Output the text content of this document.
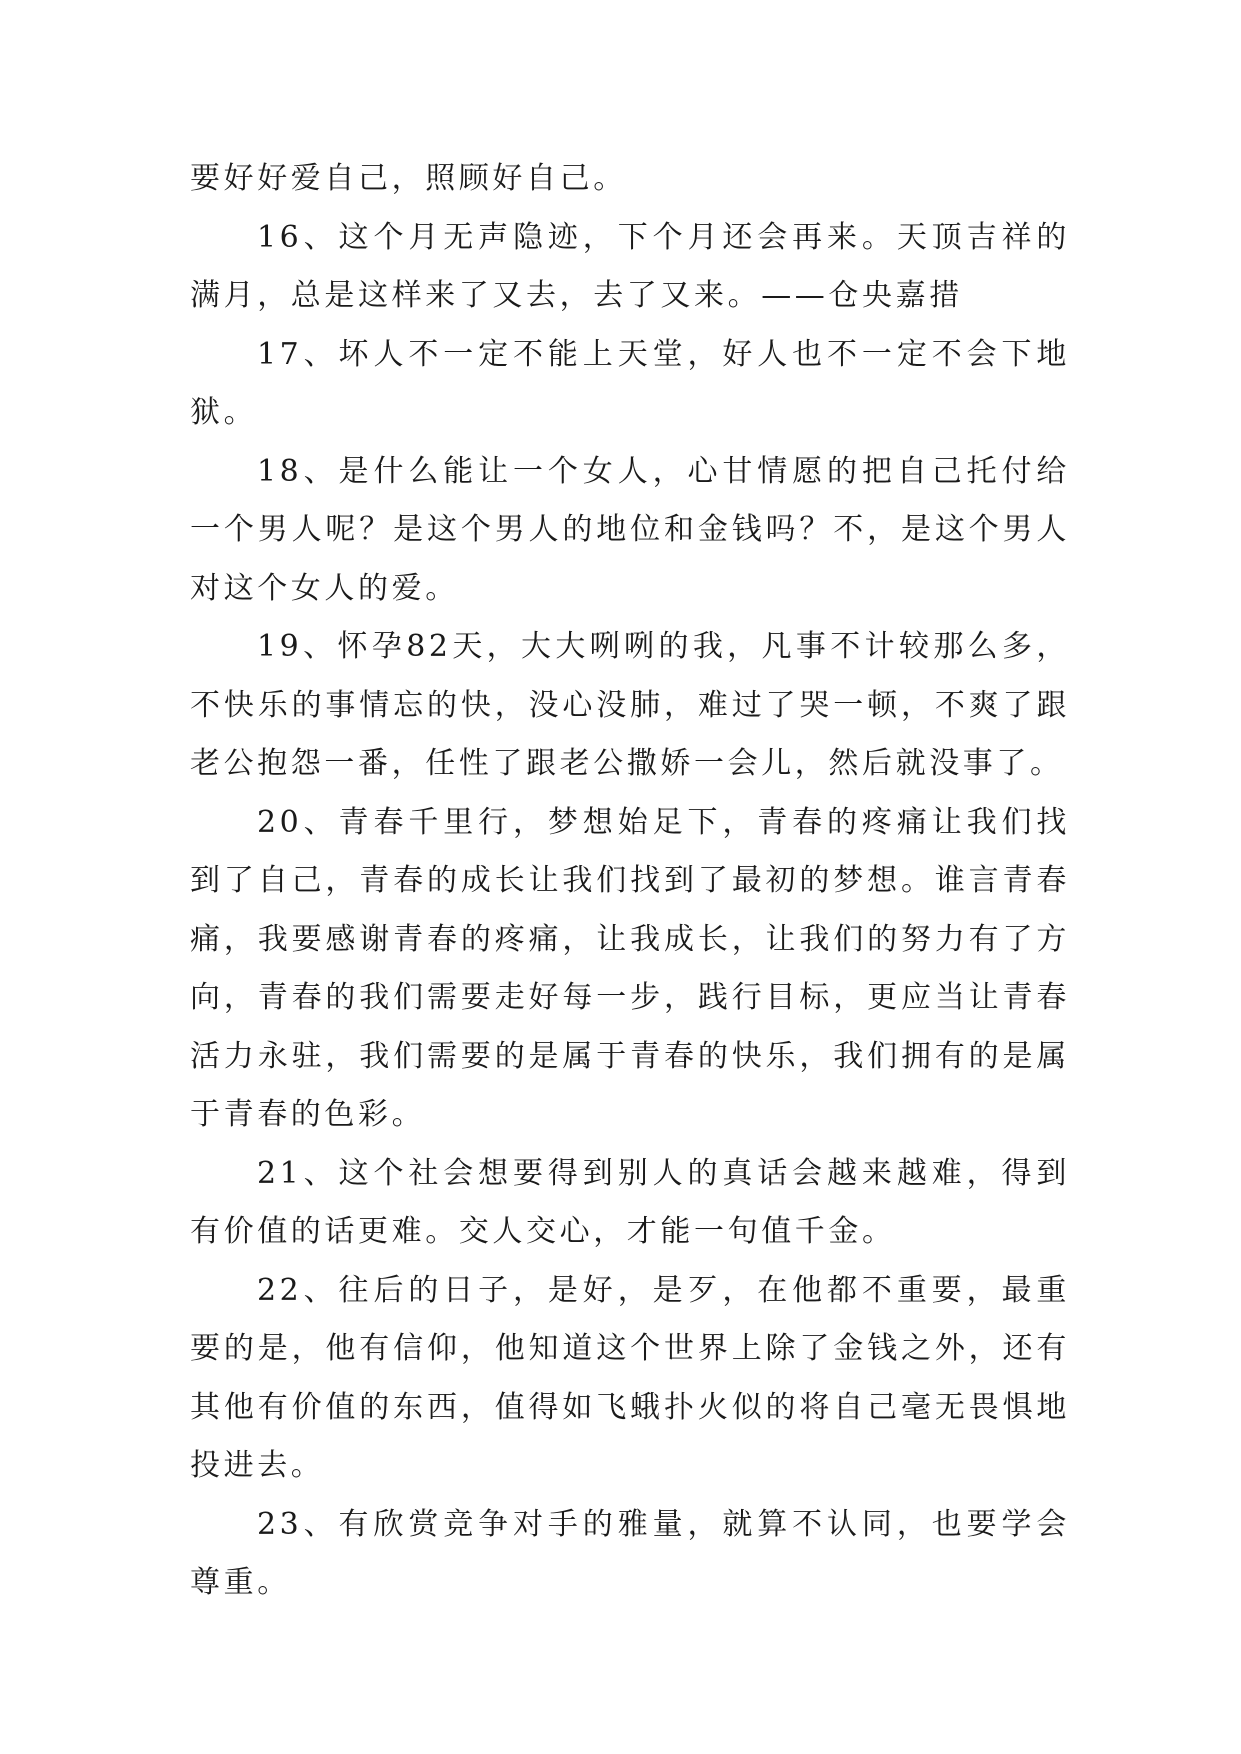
要好好爱自己，照顾好自己。

16、这个月无声隐迹，下个月还会再来。天顶吉祥的满月，总是这样来了又去，去了又来。——仓央嘉措

17、坏人不一定不能上天堂，好人也不一定不会下地狱。

18、是什么能让一个女人，心甘情愿的把自己托付给一个男人呢？是这个男人的地位和金钱吗？不，是这个男人对这个女人的爱。

19、怀孕82天，大大咧咧的我，凡事不计较那么多，不快乐的事情忘的快，没心没肺，难过了哭一顿，不爽了跟老公抱怨一番，任性了跟老公撒娇一会儿，然后就没事了。

20、青春千里行，梦想始足下，青春的疼痛让我们找到了自己，青春的成长让我们找到了最初的梦想。谁言青春痛，我要感谢青春的疼痛，让我成长，让我们的努力有了方向，青春的我们需要走好每一步，践行目标，更应当让青春活力永驻，我们需要的是属于青春的快乐，我们拥有的是属于青春的色彩。

21、这个社会想要得到别人的真话会越来越难，得到有价值的话更难。交人交心，才能一句值千金。

22、往后的日子，是好，是歹，在他都不重要，最重要的是，他有信仰，他知道这个世界上除了金钱之外，还有其他有价值的东西，值得如飞蛾扑火似的将自己毫无畏惧地投进去。

23、有欣赏竞争对手的雅量，就算不认同，也要学会尊重。
